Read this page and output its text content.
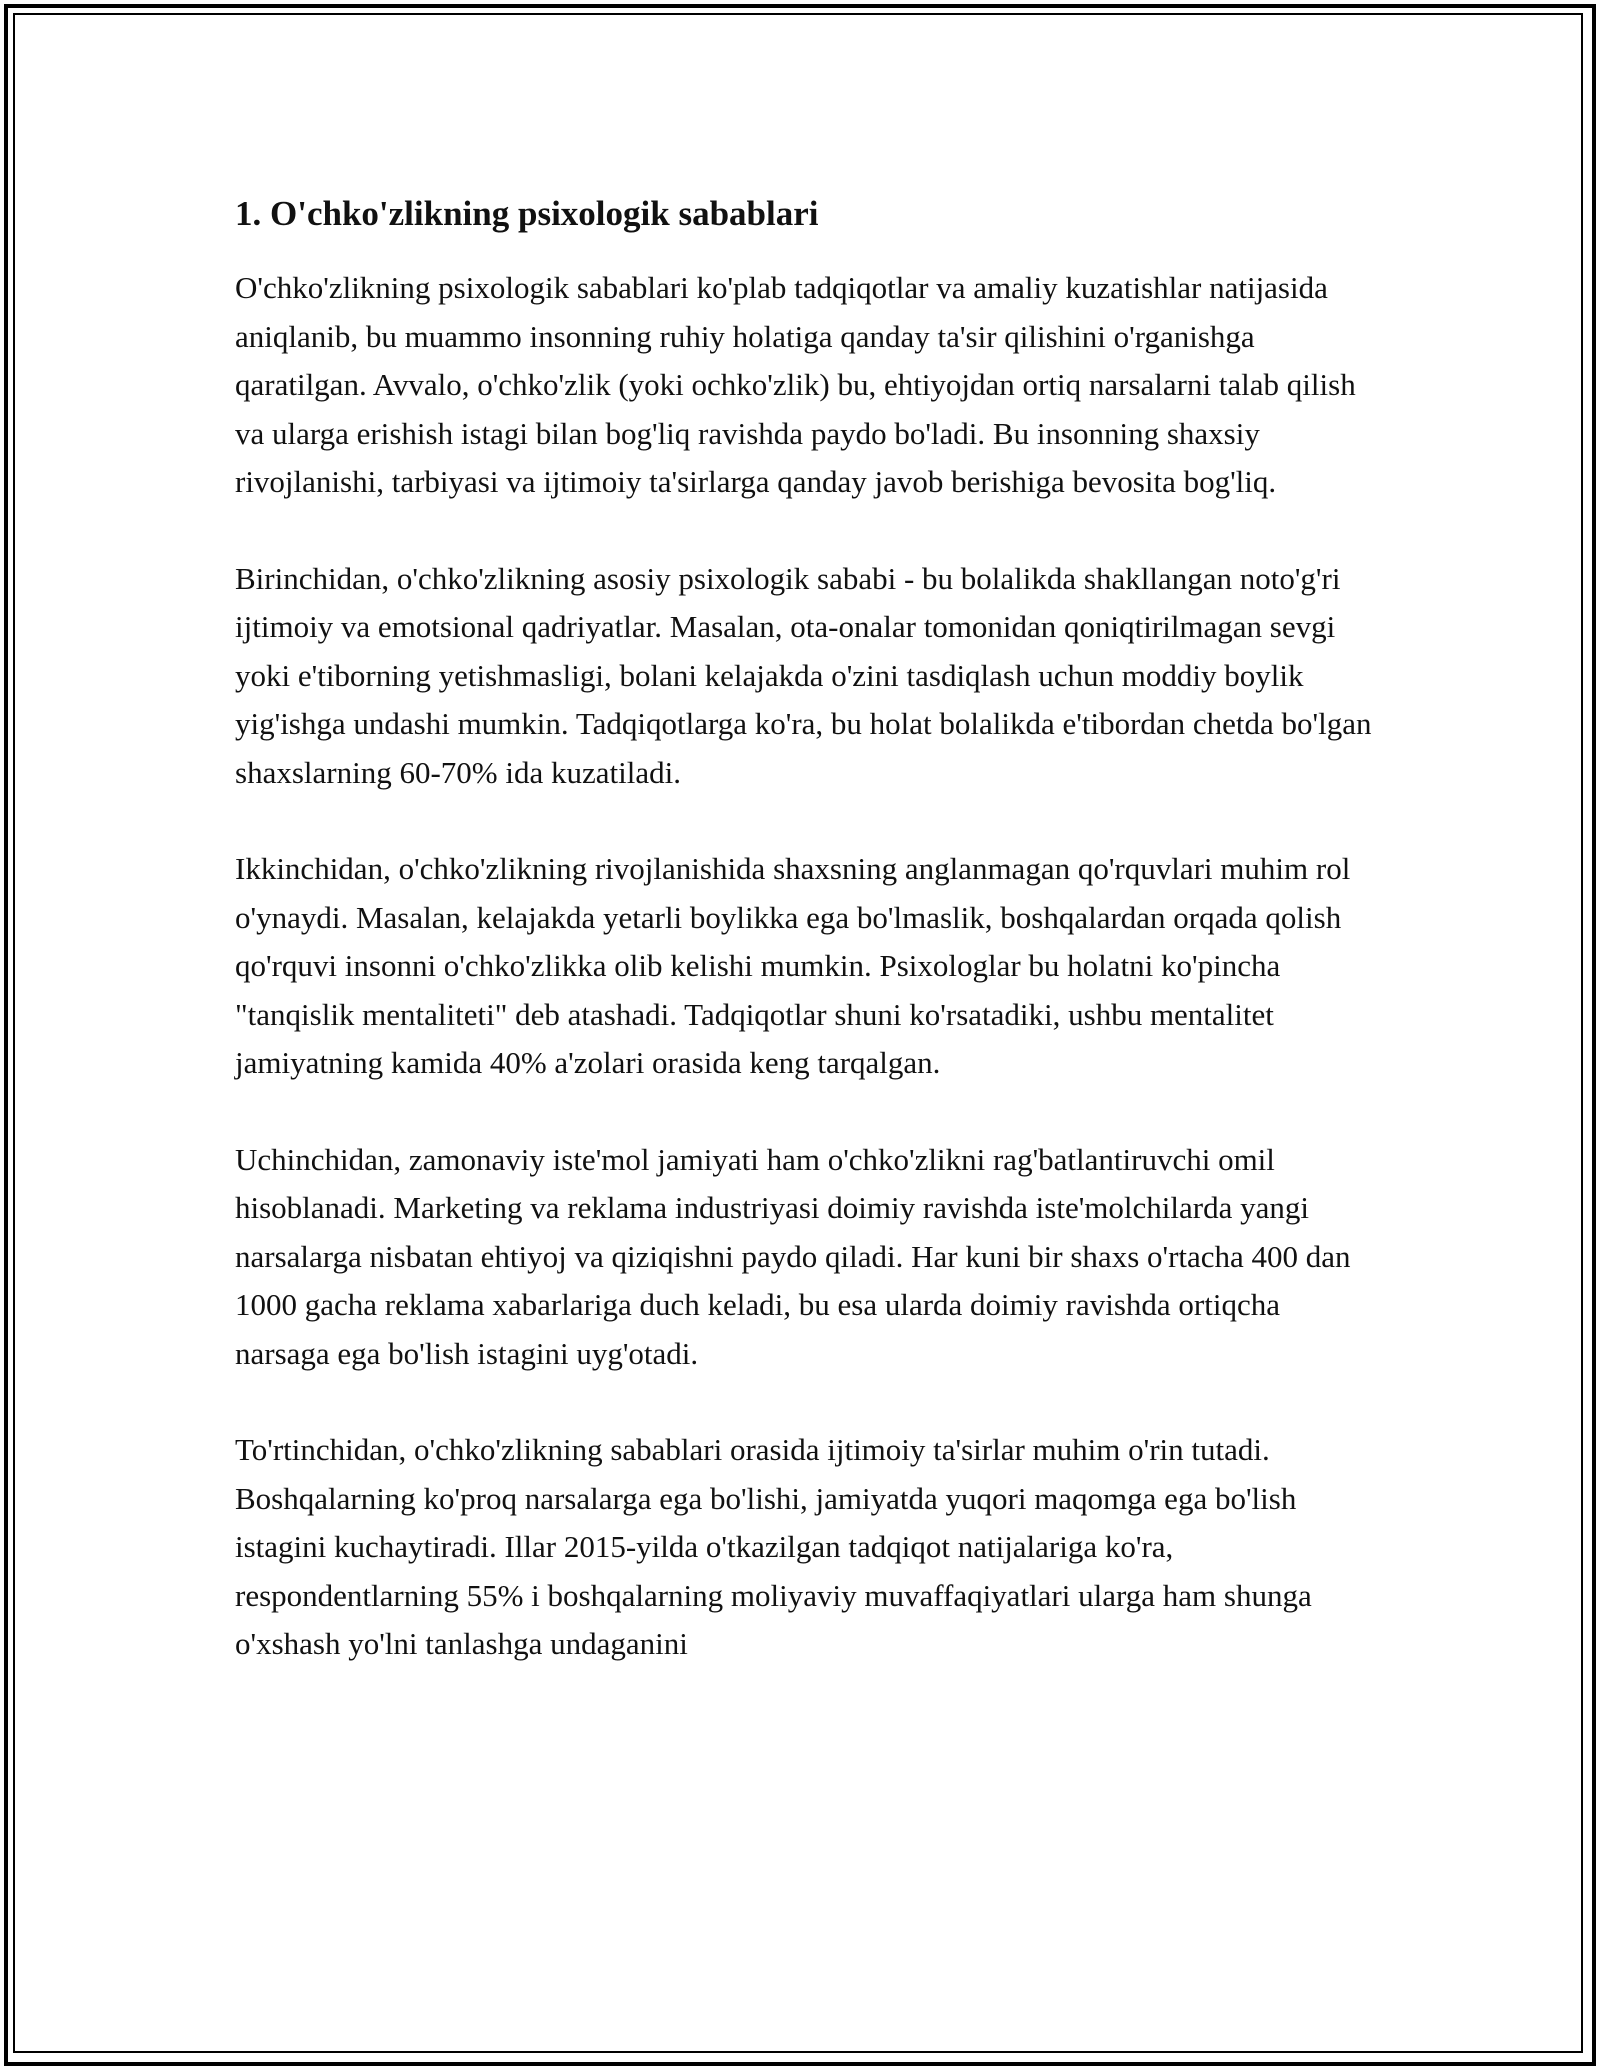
1. O'chko'zlikning psixologik sabablari

O'chko'zlikning psixologik sabablari ko'plab tadqiqotlar va amaliy kuzatishlar natijasida aniqlanib, bu muammo insonning ruhiy holatiga qanday ta'sir qilishini o'rganishga qaratilgan. Avvalo, o'chko'zlik (yoki ochko'zlik) bu, ehtiyojdan ortiq narsalarni talab qilish va ularga erishish istagi bilan bog'liq ravishda paydo bo'ladi. Bu insonning shaxsiy rivojlanishi, tarbiyasi va ijtimoiy ta'sirlarga qanday javob berishiga bevosita bog'liq.

Birinchidan, o'chko'zlikning asosiy psixologik sababi - bu bolalikda shakllangan noto'g'ri ijtimoiy va emotsional qadriyatlar. Masalan, ota-onalar tomonidan qoniqtirilmagan sevgi yoki e'tiborning yetishmasligi, bolani kelajakda o'zini tasdiqlash uchun moddiy boylik yig'ishga undashi mumkin. Tadqiqotlarga ko'ra, bu holat bolalikda e'tibordan chetda bo'lgan shaxslarning 60-70% ida kuzatiladi.

Ikkinchidan, o'chko'zlikning rivojlanishida shaxsning anglanmagan qo'rquvlari muhim rol o'ynaydi. Masalan, kelajakda yetarli boylikka ega bo'lmaslik, boshqalardan orqada qolish qo'rquvi insonni o'chko'zlikka olib kelishi mumkin. Psixologlar bu holatni ko'pincha "tanqislik mentaliteti" deb atashadi. Tadqiqotlar shuni ko'rsatadiki, ushbu mentalitet jamiyatning kamida 40% a'zolari orasida keng tarqalgan.

Uchinchidan, zamonaviy iste'mol jamiyati ham o'chko'zlikni rag'batlantiruvchi omil hisoblanadi. Marketing va reklama industriyasi doimiy ravishda iste'molchilarda yangi narsalarga nisbatan ehtiyoj va qiziqishni paydo qiladi. Har kuni bir shaxs o'rtacha 400 dan 1000 gacha reklama xabarlariga duch keladi, bu esa ularda doimiy ravishda ortiqcha narsaga ega bo'lish istagini uyg'otadi.

To'rtinchidan, o'chko'zlikning sabablari orasida ijtimoiy ta'sirlar muhim o'rin tutadi. Boshqalarning ko'proq narsalarga ega bo'lishi, jamiyatda yuqori maqomga ega bo'lish istagini kuchaytiradi. Illar 2015-yilda o'tkazilgan tadqiqot natijalariga ko'ra, respondentlarning 55% i boshqalarning moliyaviy muvaffaqiyatlari ularga ham shunga o'xshash yo'lni tanlashga undaganini
